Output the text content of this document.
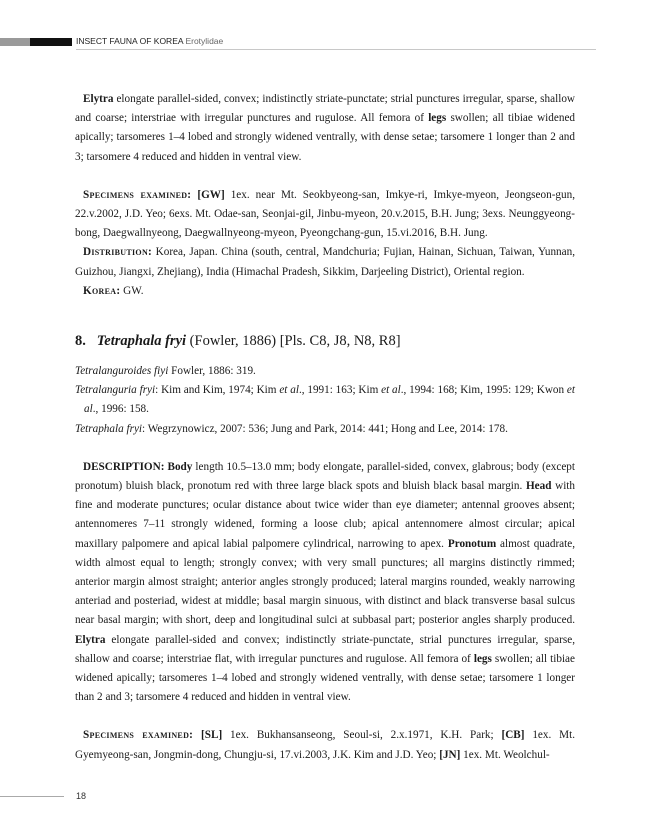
INSECT FAUNA OF KOREA Erotylidae

Elytra elongate parallel-sided, convex; indistinctly striate-punctate; strial punctures irregular, sparse, shallow and coarse; interstriae with irregular punctures and rugulose. All femora of legs swollen; all tibiae widened apically; tarsomeres 1–4 lobed and strongly widened ventrally, with dense setae; tarsomere 1 longer than 2 and 3; tarsomere 4 reduced and hidden in ventral view.

Specimens examined: [GW] 1ex. near Mt. Seokbyeong-san, Imkye-ri, Imkye-myeon, Jeongseon-gun, 22.v.2002, J.D. Yeo; 6exs. Mt. Odae-san, Seonjai-gil, Jinbu-myeon, 20.v.2015, B.H. Jung; 3exs. Neunggyeong-bong, Daegwallnyeong, Daegwallnyeong-myeon, Pyeongchang-gun, 15.vi.2016, B.H. Jung.

Distribution: Korea, Japan. China (south, central, Mandchuria; Fujian, Hainan, Sichuan, Taiwan, Yunnan, Guizhou, Jiangxi, Zhejiang), India (Himachal Pradesh, Sikkim, Darjeeling District), Oriental region.

Korea: GW.

8. Tetraphala fryi (Fowler, 1886) [Pls. C8, J8, N8, R8]

Tetralanguroides fiyi Fowler, 1886: 319.

Tetralanguria fryi: Kim and Kim, 1974; Kim et al., 1991: 163; Kim et al., 1994: 168; Kim, 1995: 129; Kwon et al., 1996: 158.

Tetraphala fryi: Wegrzynowicz, 2007: 536; Jung and Park, 2014: 441; Hong and Lee, 2014: 178.

DESCRIPTION: Body length 10.5–13.0 mm; body elongate, parallel-sided, convex, glabrous; body (except pronotum) bluish black, pronotum red with three large black spots and bluish black basal margin. Head with fine and moderate punctures; ocular distance about twice wider than eye diameter; antennal grooves absent; antennomeres 7–11 strongly widened, forming a loose club; apical antennomere almost circular; apical maxillary palpomere and apical labial palpomere cylindrical, narrowing to apex. Pronotum almost quadrate, width almost equal to length; strongly convex; with very small punctures; all margins distinctly rimmed; anterior margin almost straight; anterior angles strongly produced; lateral margins rounded, weakly narrowing anteriad and posteriad, widest at middle; basal margin sinuous, with distinct and black transverse basal sulcus near basal margin; with short, deep and longitudinal sulci at subbasal part; posterior angles sharply produced. Elytra elongate parallel-sided and convex; indistinctly striate-punctate, strial punctures irregular, sparse, shallow and coarse; interstriae flat, with irregular punctures and rugulose. All femora of legs swollen; all tibiae widened apically; tarsomeres 1–4 lobed and strongly widened ventrally, with dense setae; tarsomere 1 longer than 2 and 3; tarsomere 4 reduced and hidden in ventral view.

Specimens examined: [SL] 1ex. Bukhansanseong, Seoul-si, 2.x.1971, K.H. Park; [CB] 1ex. Mt. Gyemyeong-san, Jongmin-dong, Chungju-si, 17.vi.2003, J.K. Kim and J.D. Yeo; [JN] 1ex. Mt. Weolchul-

18
